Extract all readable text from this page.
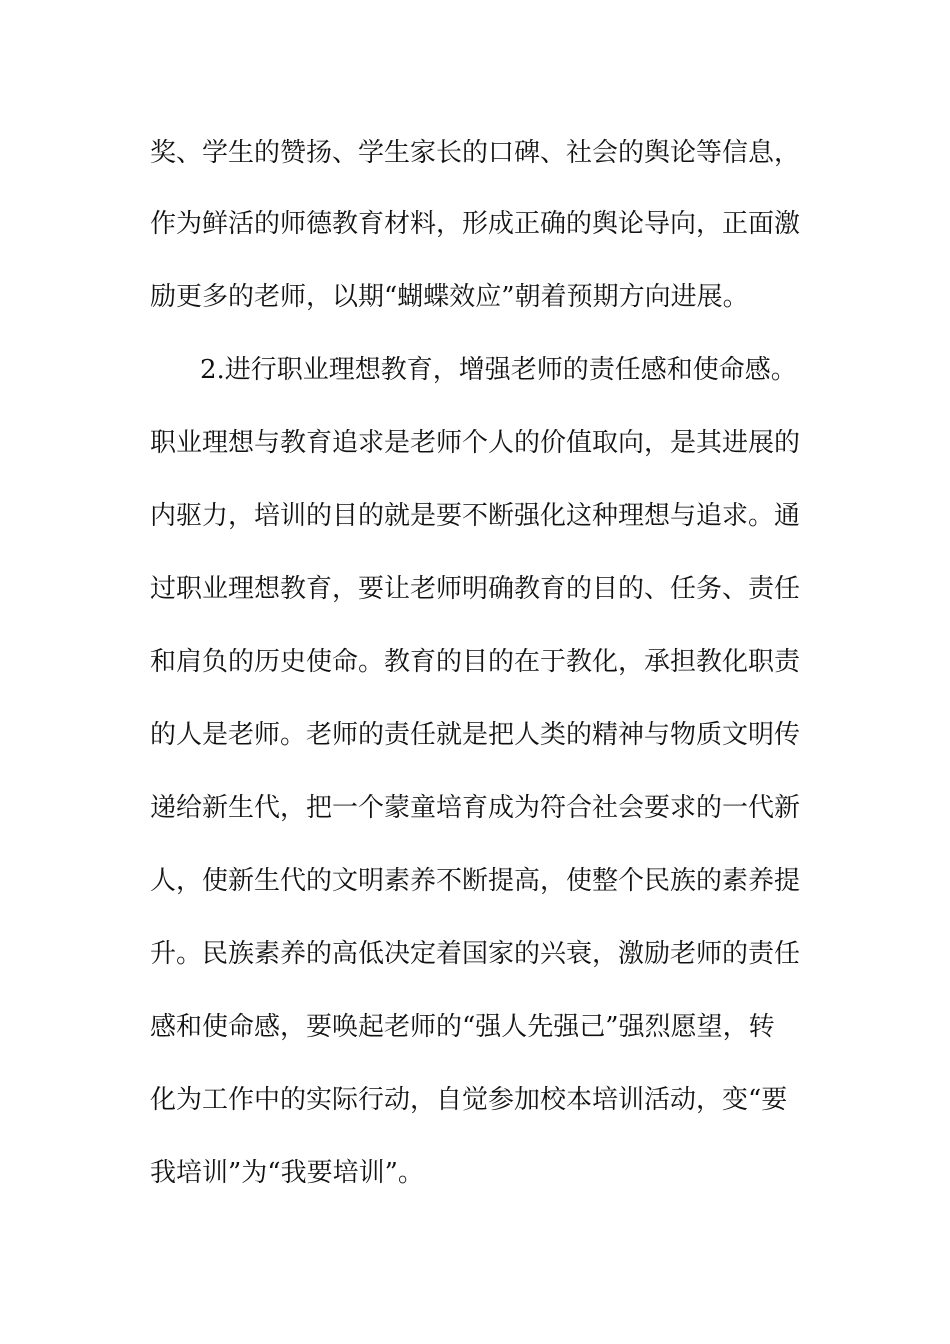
奖、学生的赞扬、学生家长的口碑、社会的舆论等信息，
作为鲜活的师德教育材料，形成正确的舆论导向，正面激
励更多的老师，以期“蝴蝶效应”朝着预期方向进展。
2.进行职业理想教育，增强老师的责任感和使命感。
职业理想与教育追求是老师个人的价值取向，是其进展的
内驱力，培训的目的就是要不断强化这种理想与追求。通
过职业理想教育，要让老师明确教育的目的、任务、责任
和肩负的历史使命。教育的目的在于教化，承担教化职责
的人是老师。老师的责任就是把人类的精神与物质文明传
递给新生代，把一个蒙童培育成为符合社会要求的一代新
人，使新生代的文明素养不断提高，使整个民族的素养提
升。民族素养的高低决定着国家的兴衰，激励老师的责任
感和使命感，要唤起老师的“强人先强己”强烈愿望，转
化为工作中的实际行动，自觉参加校本培训活动，变“要
我培训”为“我要培训”。
